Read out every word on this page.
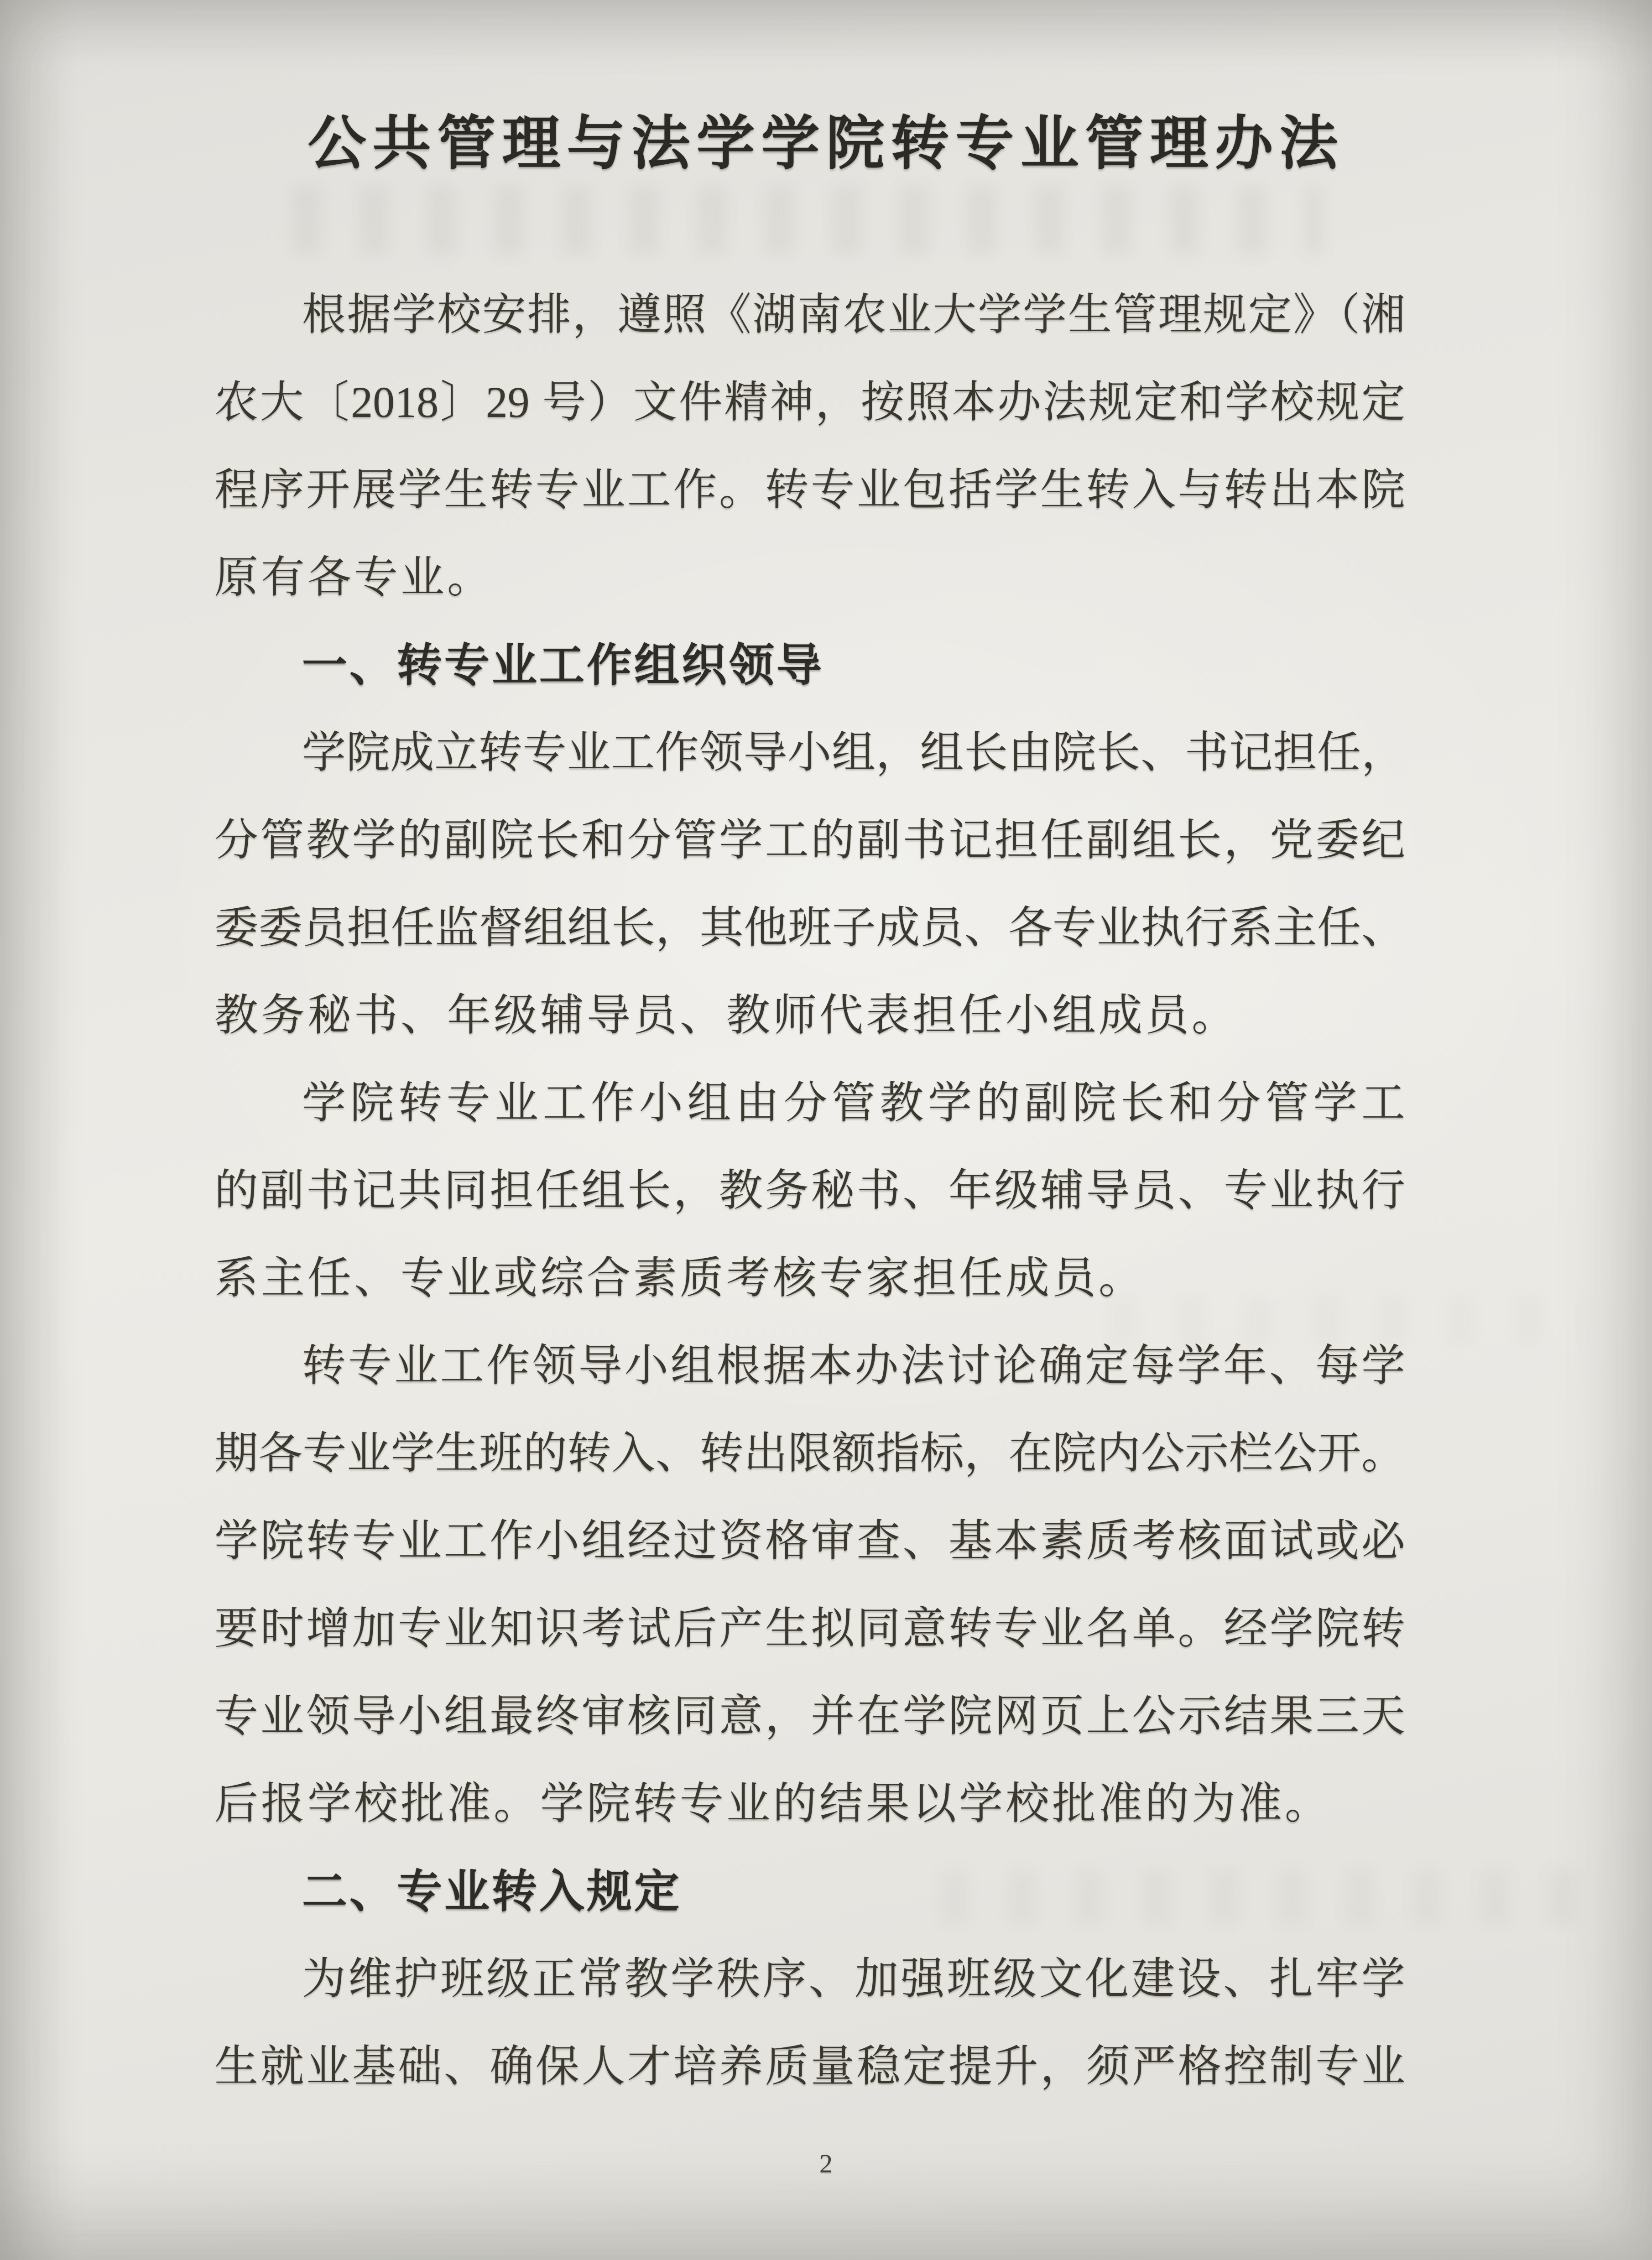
公共管理与法学学院转专业管理办法
根据学校安排，遵照《湖南农业大学学生管理规定》（湘
农大〔2018〕29 号）文件精神，按照本办法规定和学校规定
程序开展学生转专业工作。转专业包括学生转入与转出本院
原有各专业。
一、转专业工作组织领导
学院成立转专业工作领导小组，组长由院长、书记担任，
分管教学的副院长和分管学工的副书记担任副组长，党委纪
委委员担任监督组组长，其他班子成员、各专业执行系主任、
教务秘书、年级辅导员、教师代表担任小组成员。
学院转专业工作小组由分管教学的副院长和分管学工
的副书记共同担任组长，教务秘书、年级辅导员、专业执行
系主任、专业或综合素质考核专家担任成员。
转专业工作领导小组根据本办法讨论确定每学年、每学
期各专业学生班的转入、转出限额指标，在院内公示栏公开。
学院转专业工作小组经过资格审查、基本素质考核面试或必
要时增加专业知识考试后产生拟同意转专业名单。经学院转
专业领导小组最终审核同意，并在学院网页上公示结果三天
后报学校批准。学院转专业的结果以学校批准的为准。
二、专业转入规定
为维护班级正常教学秩序、加强班级文化建设、扎牢学
生就业基础、确保人才培养质量稳定提升，须严格控制专业
2
